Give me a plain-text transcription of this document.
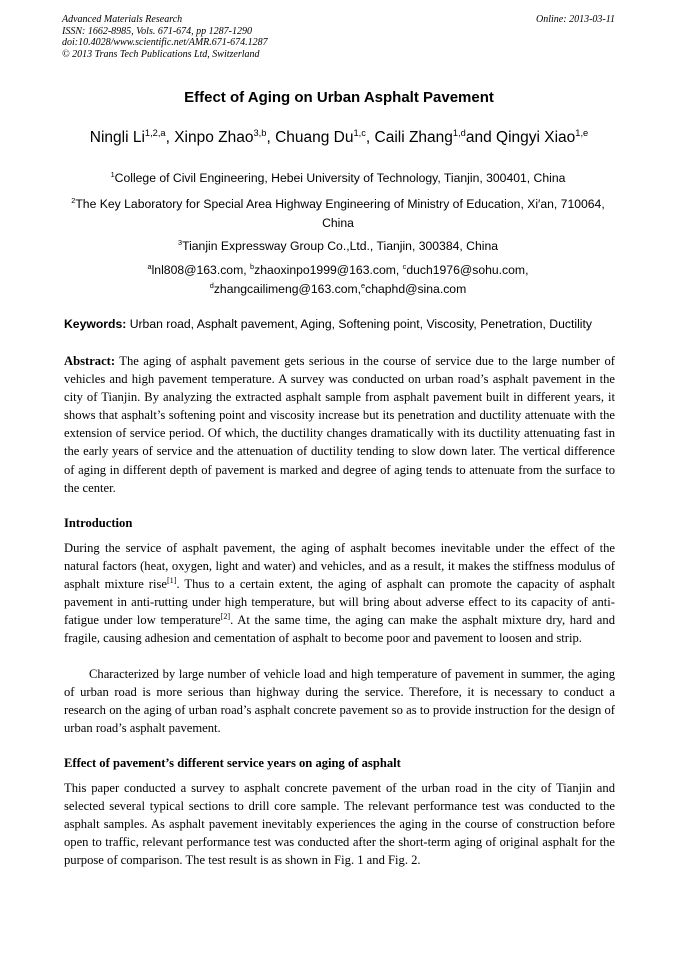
Advanced Materials Research
ISSN: 1662-8985, Vols. 671-674, pp 1287-1290
doi:10.4028/www.scientific.net/AMR.671-674.1287
© 2013 Trans Tech Publications Ltd, Switzerland
Online: 2013-03-11
Effect of Aging on Urban Asphalt Pavement
Ningli Li$^{1,2,a}$, Xinpo Zhao$^{3,b}$, Chuang Du$^{1,c}$, Caili Zhang$^{1,d}$and Qingyi Xiao$^{1,e}$
$^1$College of Civil Engineering, Hebei University of Technology, Tianjin, 300401, China
$^2$The Key Laboratory for Special Area Highway Engineering of Ministry of Education, Xi′an, 710064, China
$^3$Tianjin Expressway Group Co.,Ltd., Tianjin, 300384, China
$^a$lnl808@163.com, $^b$zhaoxinpo1999@163.com, $^c$duch1976@sohu.com,
$^d$zhangcailimeng@163.com,$^e$chaphd@sina.com
Keywords: Urban road, Asphalt pavement, Aging, Softening point, Viscosity, Penetration, Ductility

Abstract: The aging of asphalt pavement gets serious in the course of service due to the large number of vehicles and high pavement temperature. A survey was conducted on urban road’s asphalt pavement in the city of Tianjin. By analyzing the extracted asphalt sample from asphalt pavement built in different years, it shows that asphalt’s softening point and viscosity increase but its penetration and ductility attenuate with the extension of service period. Of which, the ductility changes dramatically with its ductility attenuating fast in the early years of service and the attenuation of ductility tending to slow down later. The vertical difference of aging in different depth of pavement is marked and degree of aging tends to attenuate from the surface to the center.

Introduction

During the service of asphalt pavement, the aging of asphalt becomes inevitable under the effect of the natural factors (heat, oxygen, light and water) and vehicles, and as a result, it makes the stiffness modulus of asphalt mixture rise[1]. Thus to a certain extent, the aging of asphalt can promote the capacity of asphalt pavement in anti-rutting under high temperature, but will bring about adverse effect to its capacity of anti-fatigue under low temperature[2]. At the same time, the aging can make the asphalt mixture dry, hard and fragile, causing adhesion and cementation of asphalt to become poor and pavement to loosen and strip.

Characterized by large number of vehicle load and high temperature of pavement in summer, the aging of urban road is more serious than highway during the service. Therefore, it is necessary to conduct a research on the aging of urban road’s asphalt concrete pavement so as to provide instruction for the design of urban road’s asphalt pavement.

Effect of pavement’s different service years on aging of asphalt

This paper conducted a survey to asphalt concrete pavement of the urban road in the city of Tianjin and selected several typical sections to drill core sample. The relevant performance test was conducted to the asphalt samples. As asphalt pavement inevitably experiences the aging in the course of construction before open to traffic, relevant performance test was conducted after the short-term aging of original asphalt for the purpose of comparison. The test result is as shown in Fig. 1 and Fig. 2.
